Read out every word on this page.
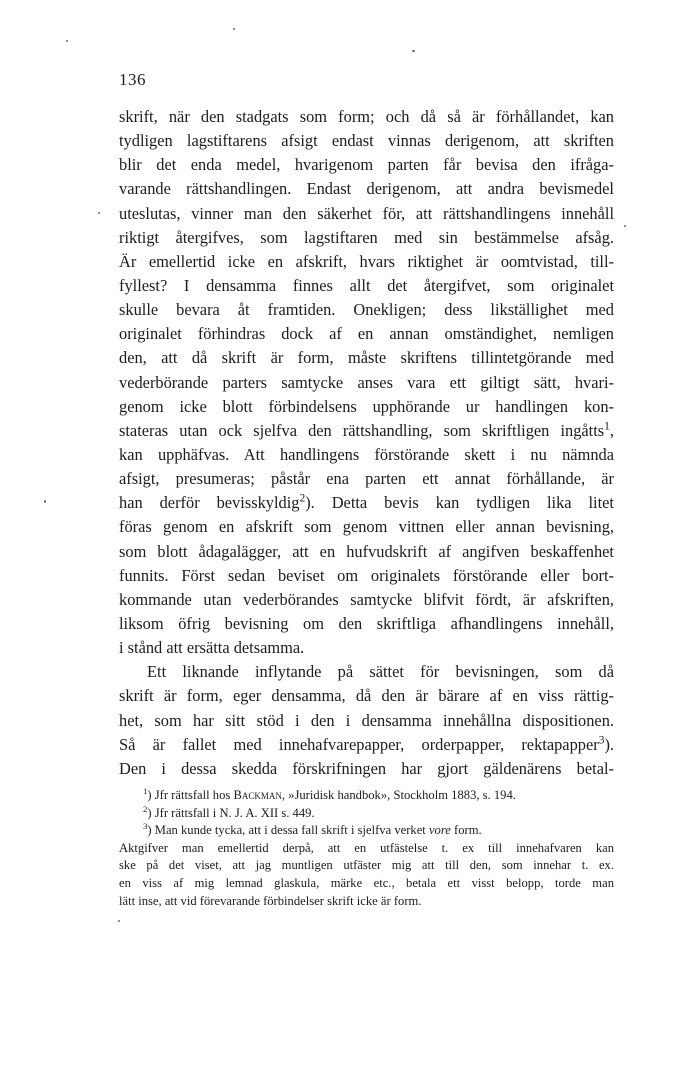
136
skrift, när den stadgats som form; och då så är förhållandet, kan
tydligen lagstiftarens afsigt endast vinnas derigenom, att skriften
blir det enda medel, hvarigenom parten får bevisa den ifråga-
varande rättshandlingen. Endast derigenom, att andra bevismedel
uteslutas, vinner man den säkerhet för, att rättshandlingens innehåll
riktigt återgifves, som lagstiftaren med sin bestämmelse afsåg.
Är emellertid icke en afskrift, hvars riktighet är oomtvistad, till-
fyllest? I densamma finnes allt det återgifvet, som originalet
skulle bevara åt framtiden. Onekligen; dess likställighet med
originalet förhindras dock af en annan omständighet, nemligen
den, att då skrift är form, måste skriftens tillintetgörande med
vederbörande parters samtycke anses vara ett giltigt sätt, hvari-
genom icke blott förbindelsens upphörande ur handlingen kon-
stateras utan ock sjelfva den rättshandling, som skriftligen ingåtts$^1$,
kan upphäfvas. Att handlingens förstörande skett i nu nämnda
afsigt, presumeras; påstår ena parten ett annat förhållande, är
han derför bevisskyldig$^2$). Detta bevis kan tydligen lika litet
föras genom en afskrift som genom vittnen eller annan bevisning,
som blott ådagalägger, att en hufvudskrift af angifven beskaffenhet
funnits. Först sedan beviset om originalets förstörande eller bort-
kommande utan vederbörandes samtycke blifvit fördt, är afskriften,
liksom öfrig bevisning om den skriftliga afhandlingens innehåll,
i stånd att ersätta detsamma.
Ett liknande inflytande på sättet för bevisningen, som då
skrift är form, eger densamma, då den är bärare af en viss rättig-
het, som har sitt stöd i den i densamma innehållna dispositionen.
Så är fallet med innehafvarepapper, orderpapper, rektapapper$^3$).
Den i dessa skedda förskrifningen har gjort gäldenärens betal-
$^1$) Jfr rättsfall hos Backman, »Juridisk handbok», Stockholm 1883, s. 194.
$^2$) Jfr rättsfall i N. J. A. XII s. 449.
$^3$) Man kunde tycka, att i dessa fall skrift i sjelfva verket vore form.
Aktgifver man emellertid derpå, att en utfästelse t. ex till innehafvaren kan
ske på det viset, att jag muntligen utfäster mig att till den, som innehar t. ex.
en viss af mig lemnad glaskula, märke etc., betala ett visst belopp, torde man
lätt inse, att vid förevarande förbindelser skrift icke är form.
